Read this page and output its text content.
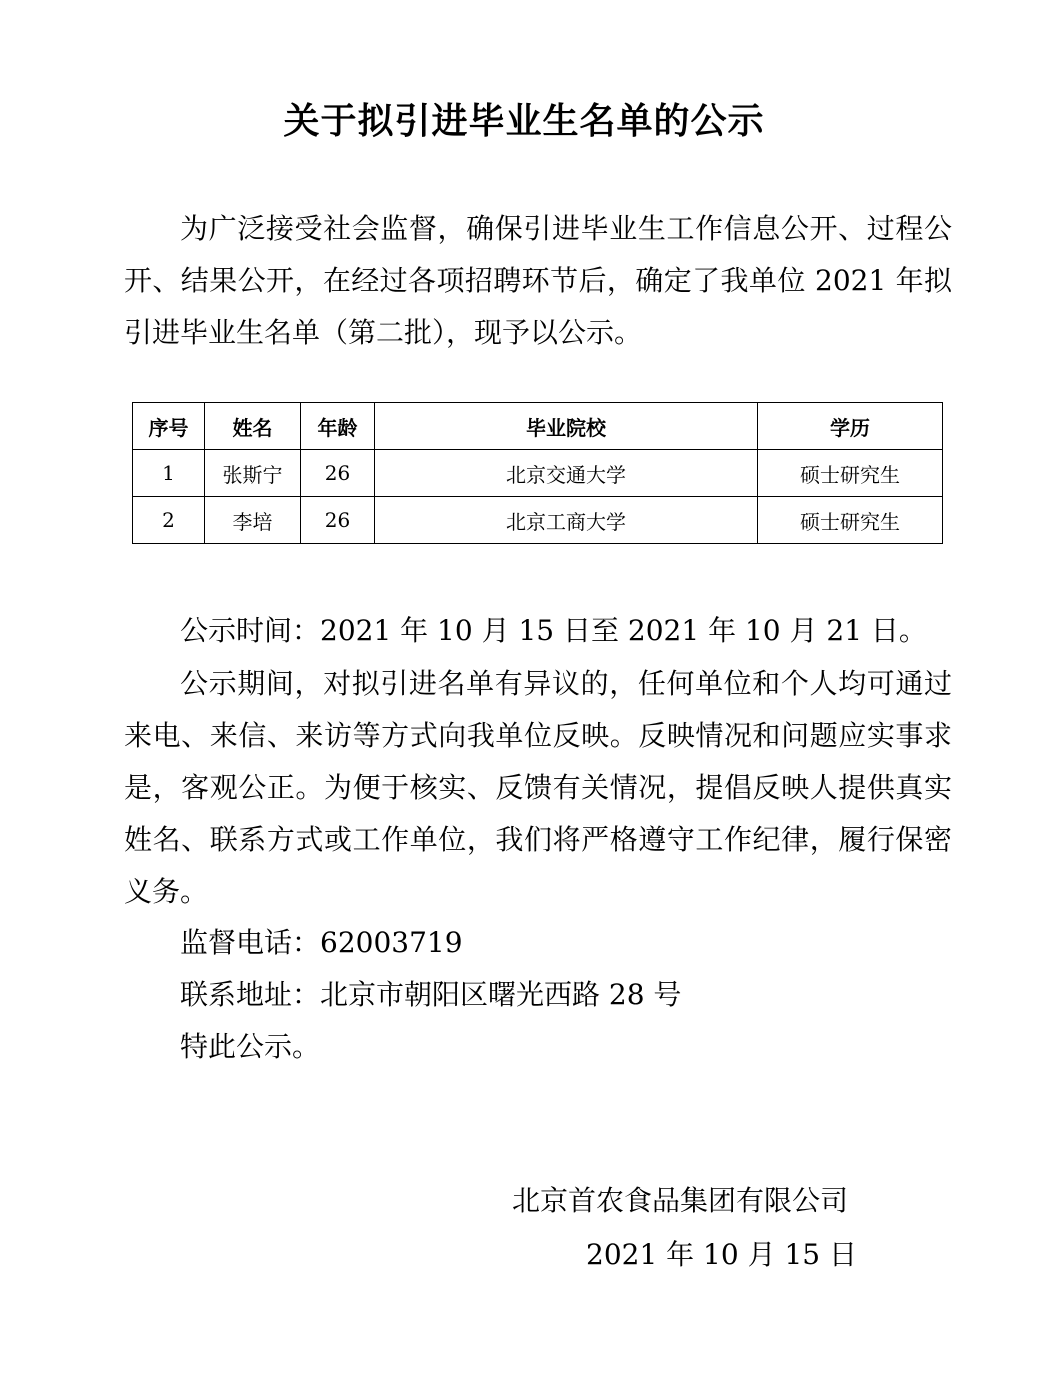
关于拟引进毕业生名单的公示

为广泛接受社会监督，确保引进毕业生工作信息公开、过程公开、结果公开，在经过各项招聘环节后，确定了我单位 2021 年拟引进毕业生名单（第二批），现予以公示。

序号	姓名	年龄	毕业院校	学历
1	张斯宁	26	北京交通大学	硕士研究生
2	李培	26	北京工商大学	硕士研究生
公示时间：2021 年 10 月 15 日至 2021 年 10 月 21 日。

公示期间，对拟引进名单有异议的，任何单位和个人均可通过来电、来信、来访等方式向我单位反映。反映情况和问题应实事求是，客观公正。为便于核实、反馈有关情况，提倡反映人提供真实姓名、联系方式或工作单位，我们将严格遵守工作纪律，履行保密义务。

监督电话：62003719
联系地址：北京市朝阳区曙光西路 28 号
特此公示。
北京首农食品集团有限公司
2021 年 10 月 15 日
